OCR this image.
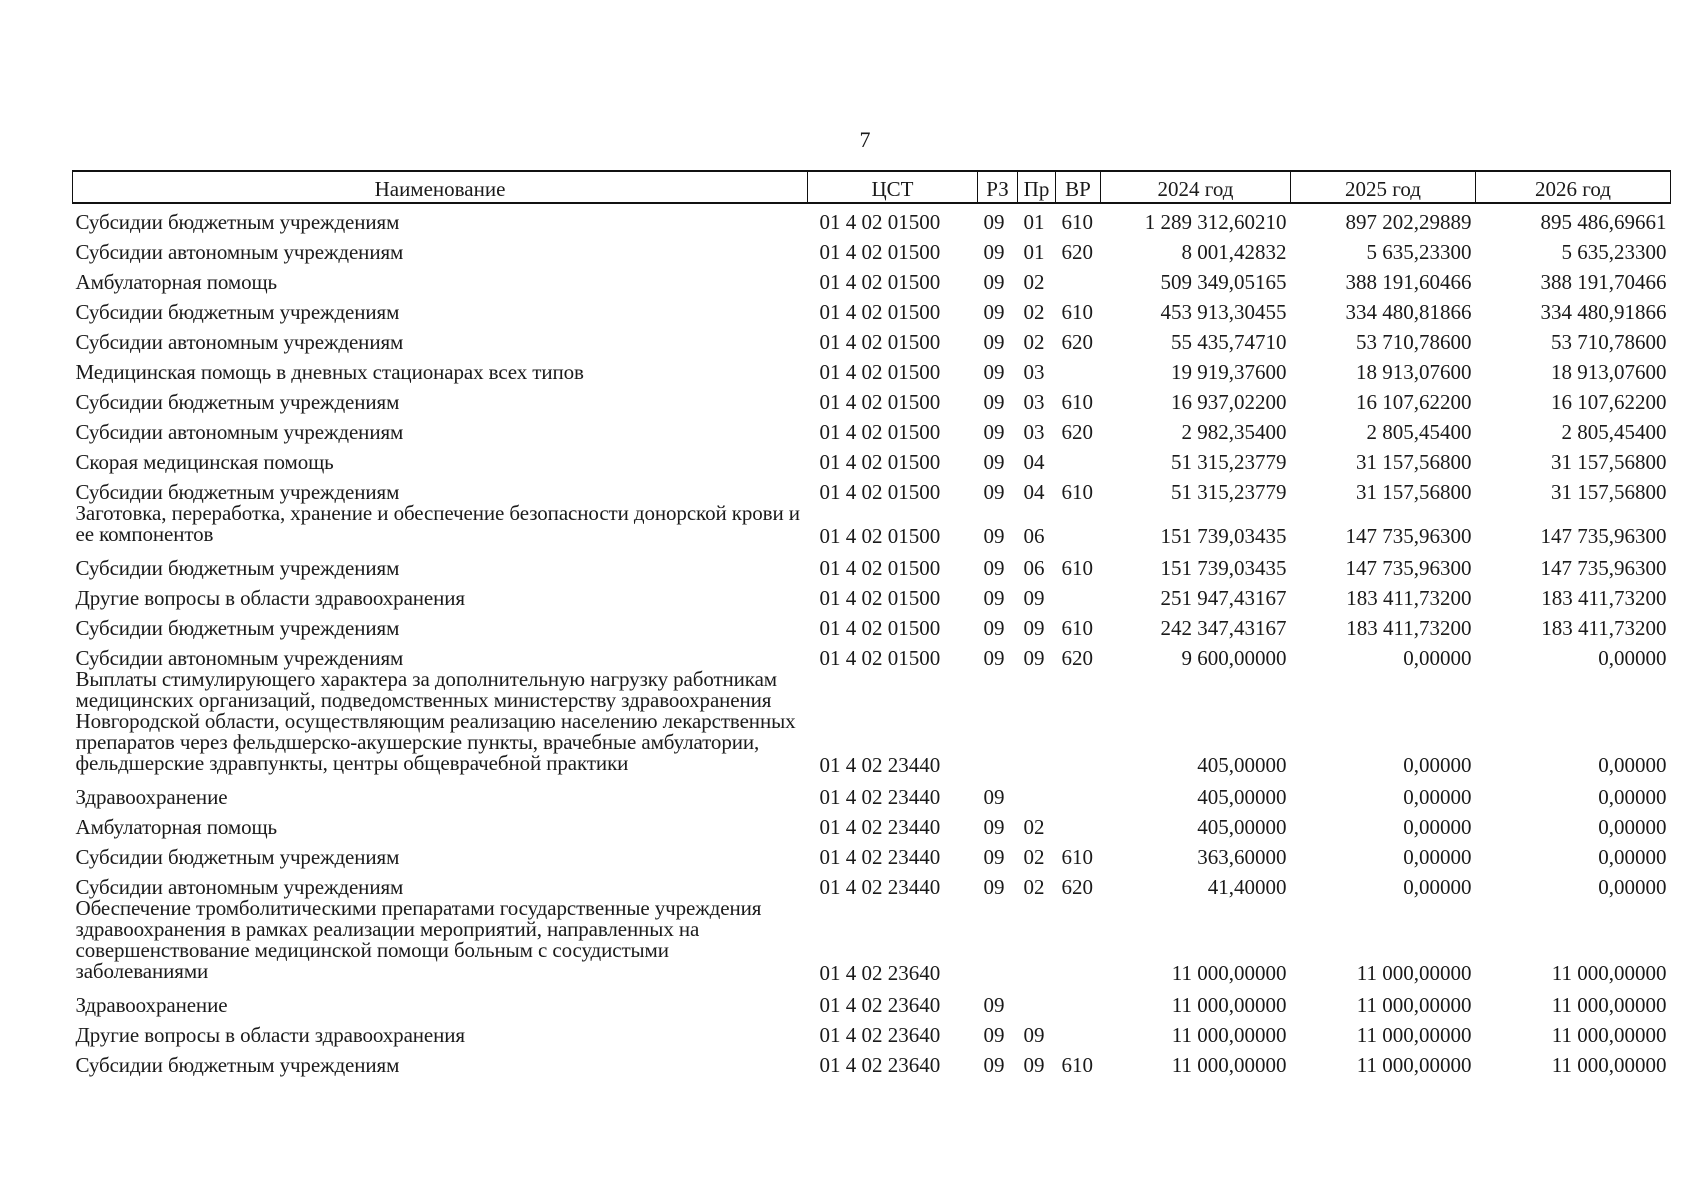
7
Наименование	ЦСТ	РЗ	Пр	ВР	2024 год	2025 год	2026 год
Субсидии бюджетным учреждениям	01 4 02 01500	09	01	610	1 289 312,60210	897 202,29889	895 486,69661
Субсидии автономным учреждениям	01 4 02 01500	09	01	620	8 001,42832	5 635,23300	5 635,23300
Амбулаторная помощь	01 4 02 01500	09	02		509 349,05165	388 191,60466	388 191,70466
Субсидии бюджетным учреждениям	01 4 02 01500	09	02	610	453 913,30455	334 480,81866	334 480,91866
Субсидии автономным учреждениям	01 4 02 01500	09	02	620	55 435,74710	53 710,78600	53 710,78600
Медицинская помощь в дневных стационарах всех типов	01 4 02 01500	09	03		19 919,37600	18 913,07600	18 913,07600
Субсидии бюджетным учреждениям	01 4 02 01500	09	03	610	16 937,02200	16 107,62200	16 107,62200
Субсидии автономным учреждениям	01 4 02 01500	09	03	620	2 982,35400	2 805,45400	2 805,45400
Скорая медицинская помощь	01 4 02 01500	09	04		51 315,23779	31 157,56800	31 157,56800
Субсидии бюджетным учреждениям	01 4 02 01500	09	04	610	51 315,23779	31 157,56800	31 157,56800
Заготовка, переработка, хранение и обеспечение безопасности донорской крови и ее компонентов	01 4 02 01500	09	06		151 739,03435	147 735,96300	147 735,96300
Субсидии бюджетным учреждениям	01 4 02 01500	09	06	610	151 739,03435	147 735,96300	147 735,96300
Другие вопросы в области здравоохранения	01 4 02 01500	09	09		251 947,43167	183 411,73200	183 411,73200
Субсидии бюджетным учреждениям	01 4 02 01500	09	09	610	242 347,43167	183 411,73200	183 411,73200
Субсидии автономным учреждениям	01 4 02 01500	09	09	620	9 600,00000	0,00000	0,00000
Выплаты стимулирующего характера за дополнительную нагрузку работникам медицинских организаций, подведомственных министерству здравоохранения Новгородской области, осуществляющим реализацию населению лекарственных препаратов через фельдшерско-акушерские пункты, врачебные амбулатории, фельдшерские здравпункты, центры общеврачебной практики	01 4 02 23440				405,00000	0,00000	0,00000
Здравоохранение	01 4 02 23440	09			405,00000	0,00000	0,00000
Амбулаторная помощь	01 4 02 23440	09	02		405,00000	0,00000	0,00000
Субсидии бюджетным учреждениям	01 4 02 23440	09	02	610	363,60000	0,00000	0,00000
Субсидии автономным учреждениям	01 4 02 23440	09	02	620	41,40000	0,00000	0,00000
Обеспечение тромболитическими препаратами государственные учреждения здравоохранения в рамках реализации мероприятий, направленных на совершенствование медицинской помощи больным с сосудистыми заболеваниями	01 4 02 23640				11 000,00000	11 000,00000	11 000,00000
Здравоохранение	01 4 02 23640	09			11 000,00000	11 000,00000	11 000,00000
Другие вопросы в области здравоохранения	01 4 02 23640	09	09		11 000,00000	11 000,00000	11 000,00000
Субсидии бюджетным учреждениям	01 4 02 23640	09	09	610	11 000,00000	11 000,00000	11 000,00000
